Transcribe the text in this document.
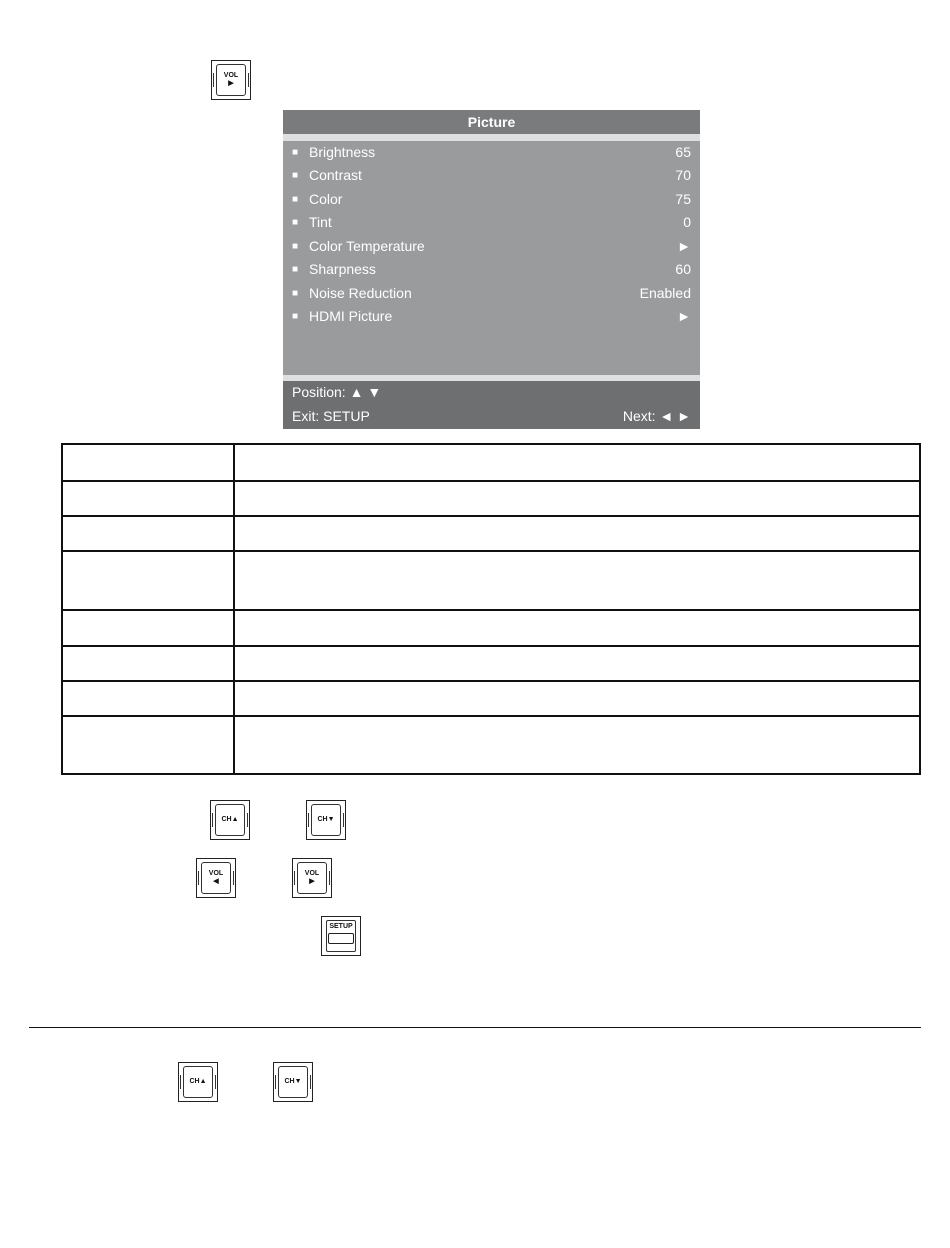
VOL
▶
Picture
■ Brightness	65
■ Contrast	70
■ Color	75
■ Tint	0
■ Color Temperature	►
■ Sharpness	60
■ Noise Reduction	Enabled
■ HDMI Picture	►
Position: ▲ ▼
Exit: SETUP	Next: ◄ ►

CH▲	CH▼
VOL
◀
VOL
▶
SETUP
CH▲	CH▼
